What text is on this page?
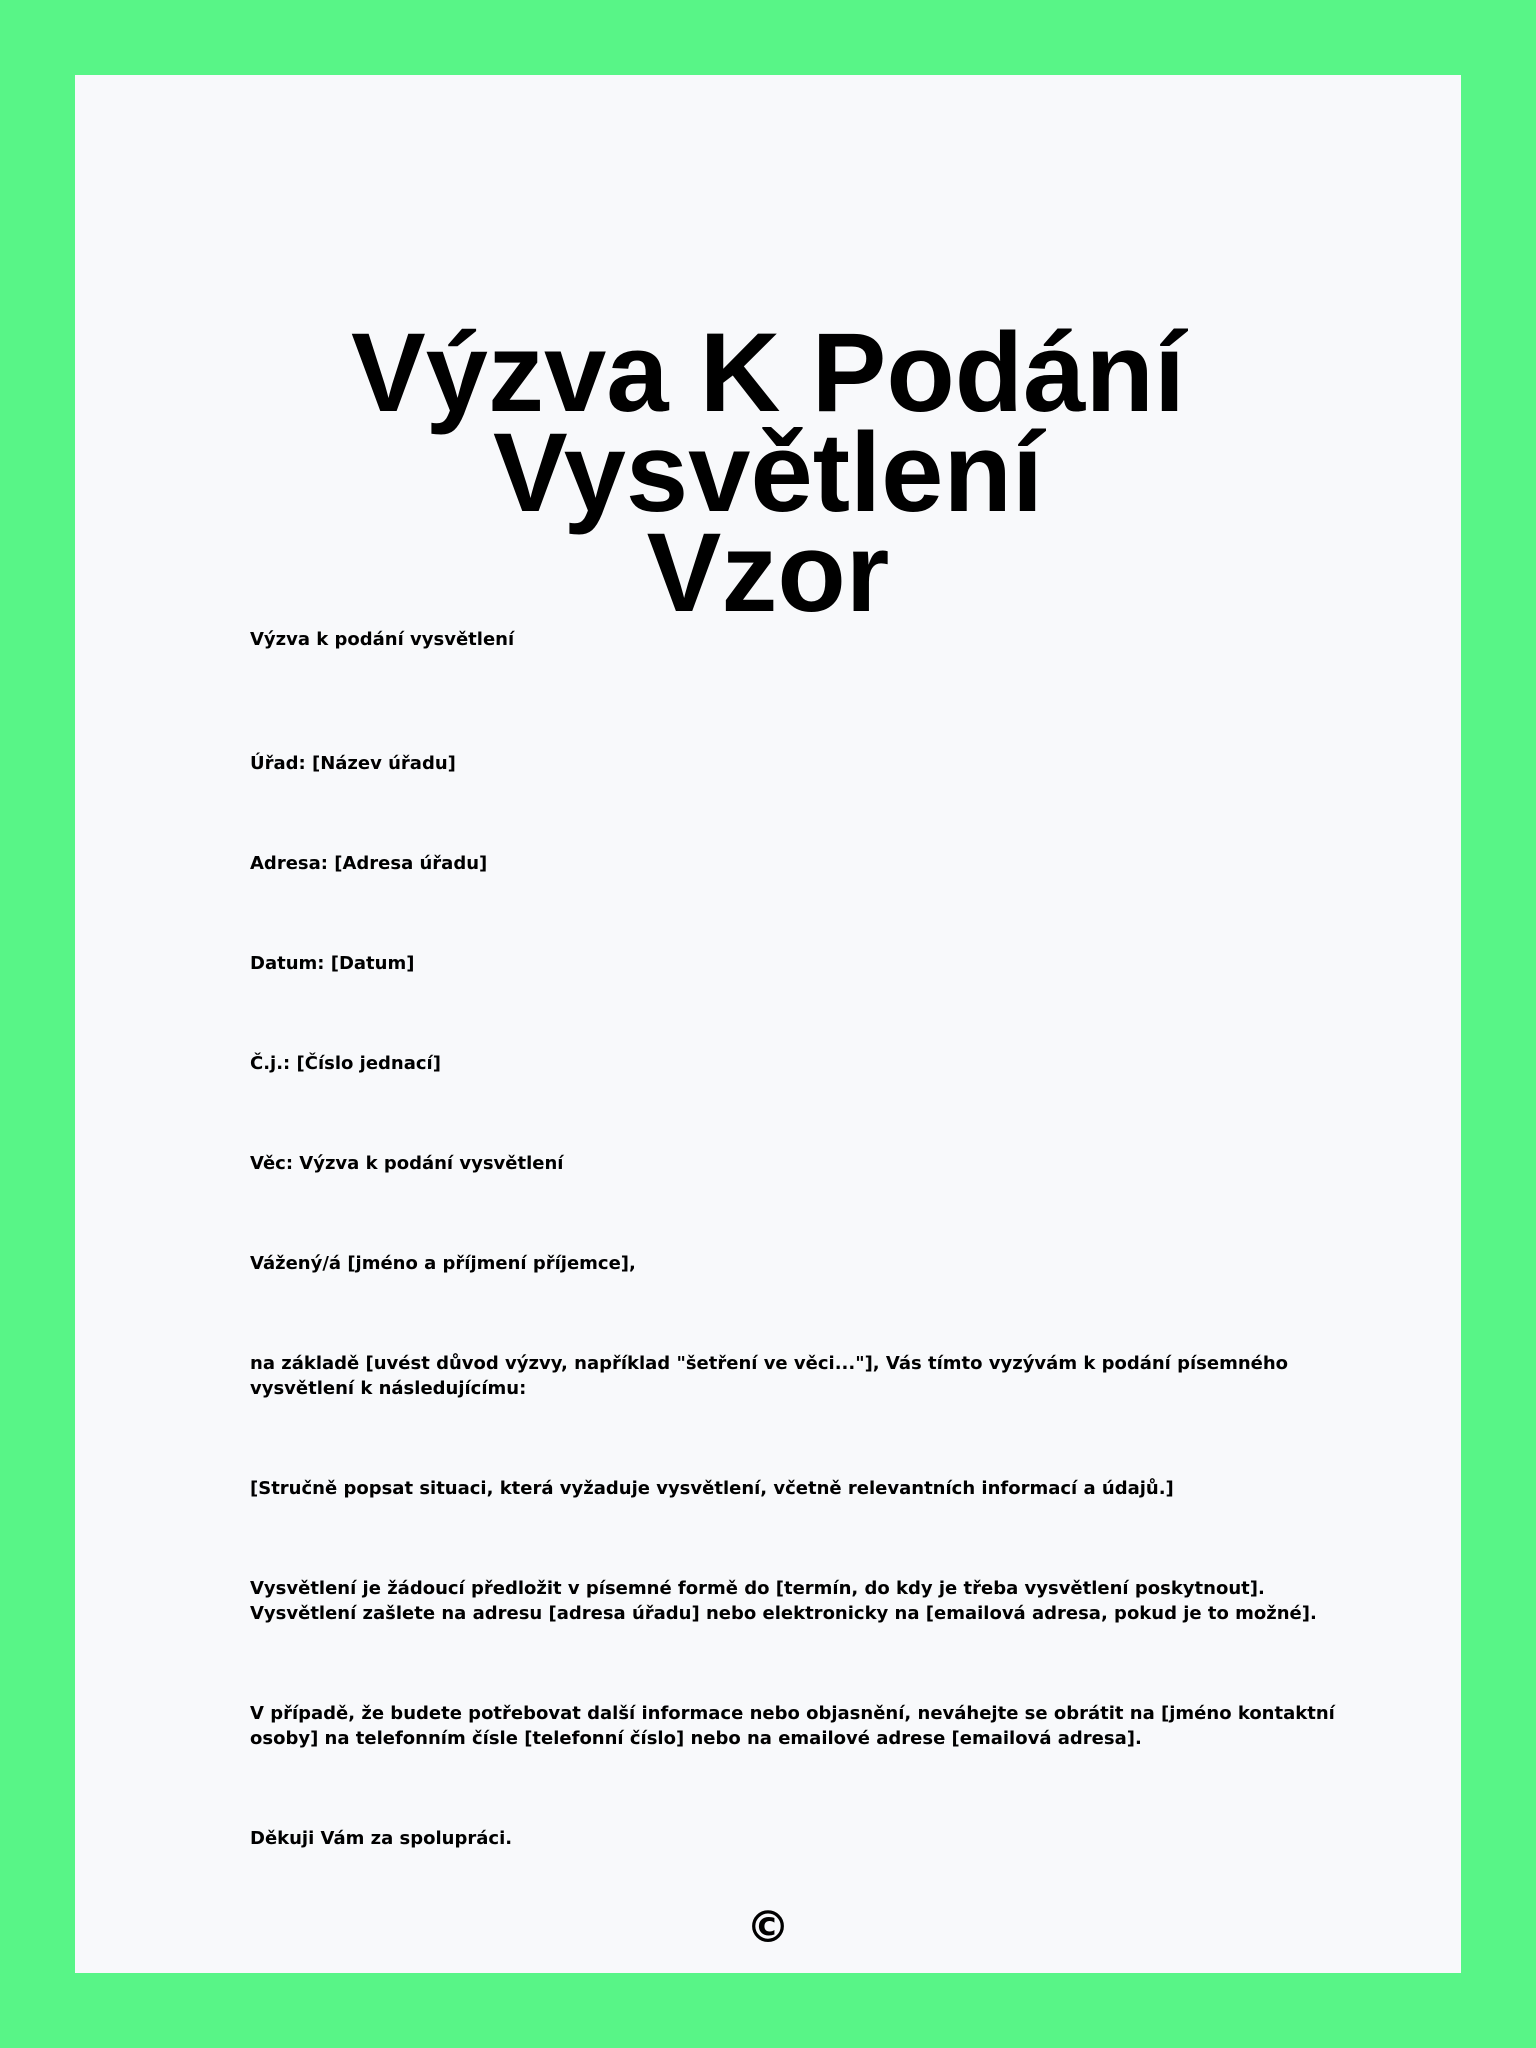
Výzva K Podání Vysvětlení
Vzor

Výzva k podání vysvětlení

Úřad: [Název úřadu]

Adresa: [Adresa úřadu]

Datum: [Datum]

Č.j.: [Číslo jednací]

Věc: Výzva k podání vysvětlení

Vážený/á [jméno a příjmení příjemce],

na základě [uvést důvod výzvy, například "šetření ve věci..."], Vás tímto vyzývám k podání písemného vysvětlení k následujícímu:

[Stručně popsat situaci, která vyžaduje vysvětlení, včetně relevantních informací a údajů.]

Vysvětlení je žádoucí předložit v písemné formě do [termín, do kdy je třeba vysvětlení poskytnout]. Vysvětlení zašlete na adresu [adresa úřadu] nebo elektronicky na [emailová adresa, pokud je to možné].

V případě, že budete potřebovat další informace nebo objasnění, neváhejte se obrátit na [jméno kontaktní osoby] na telefonním čísle [telefonní číslo] nebo na emailové adrese [emailová adresa].

Děkuji Vám za spolupráci.

©
